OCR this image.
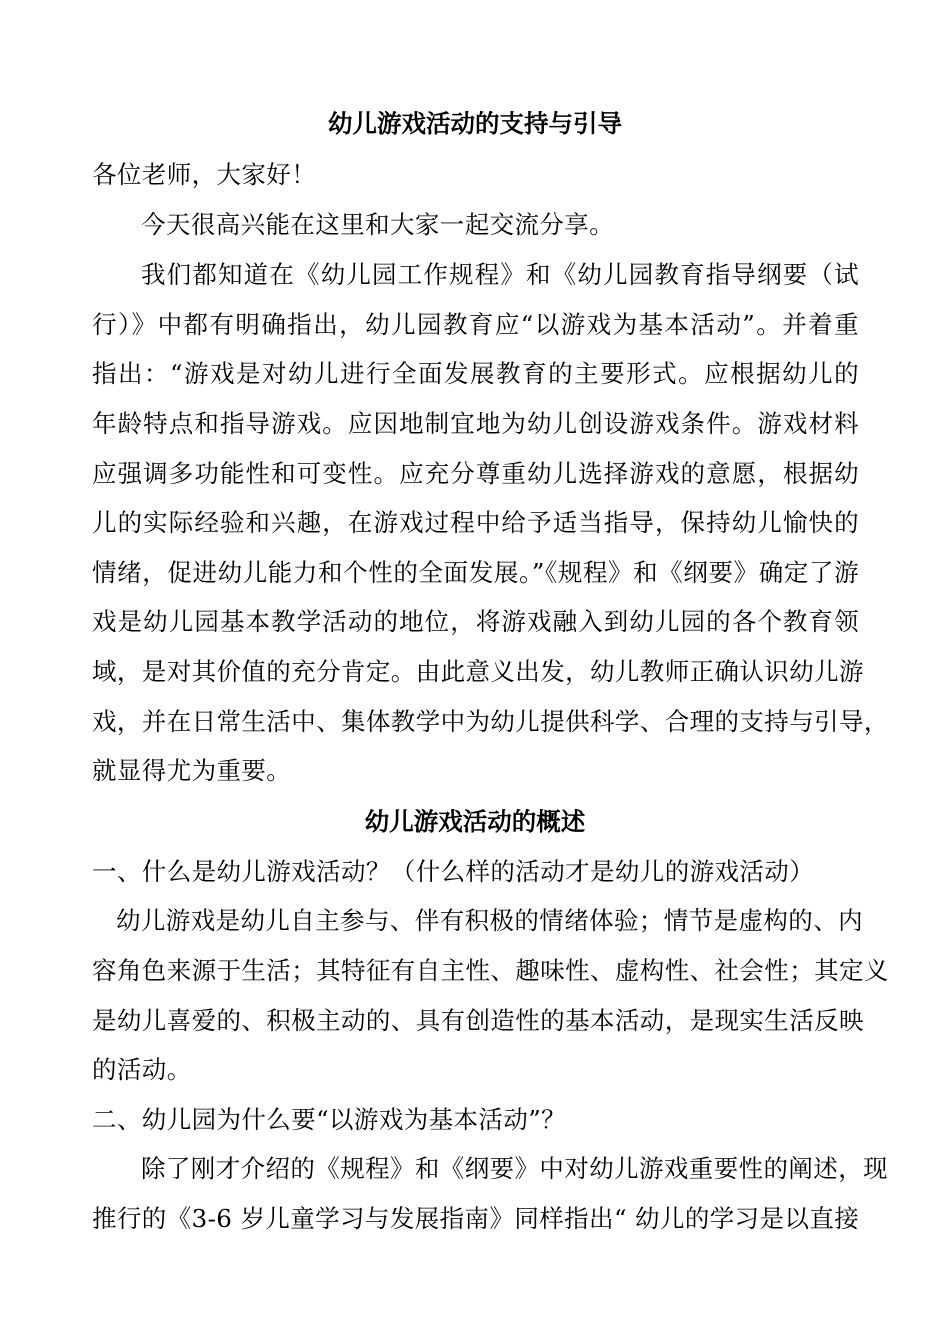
幼儿游戏活动的支持与引导
各位老师，大家好！
今天很高兴能在这里和大家一起交流分享。
我们都知道在《幼儿园工作规程》和《幼儿园教育指导纲要（试
行）》中都有明确指出，幼儿园教育应“以游戏为基本活动”。并着重
指出：“游戏是对幼儿进行全面发展教育的主要形式。应根据幼儿的
年龄特点和指导游戏。应因地制宜地为幼儿创设游戏条件。游戏材料
应强调多功能性和可变性。应充分尊重幼儿选择游戏的意愿，根据幼
儿的实际经验和兴趣，在游戏过程中给予适当指导，保持幼儿愉快的
情绪，促进幼儿能力和个性的全面发展。”《规程》和《纲要》确定了游
戏是幼儿园基本教学活动的地位，将游戏融入到幼儿园的各个教育领
域，是对其价值的充分肯定。由此意义出发，幼儿教师正确认识幼儿游
戏，并在日常生活中、集体教学中为幼儿提供科学、合理的支持与引导，
就显得尤为重要。
幼儿游戏活动的概述
一、什么是幼儿游戏活动？（什么样的活动才是幼儿的游戏活动）
幼儿游戏是幼儿自主参与、伴有积极的情绪体验；情节是虚构的、内
容角色来源于生活；其特征有自主性、趣味性、虚构性、社会性；其定义
是幼儿喜爱的、积极主动的、具有创造性的基本活动，是现实生活反映
的活动。
二、幼儿园为什么要“以游戏为基本活动”？
除了刚才介绍的《规程》和《纲要》中对幼儿游戏重要性的阐述，现
推行的《3-6 岁儿童学习与发展指南》同样指出“ 幼儿的学习是以直接
